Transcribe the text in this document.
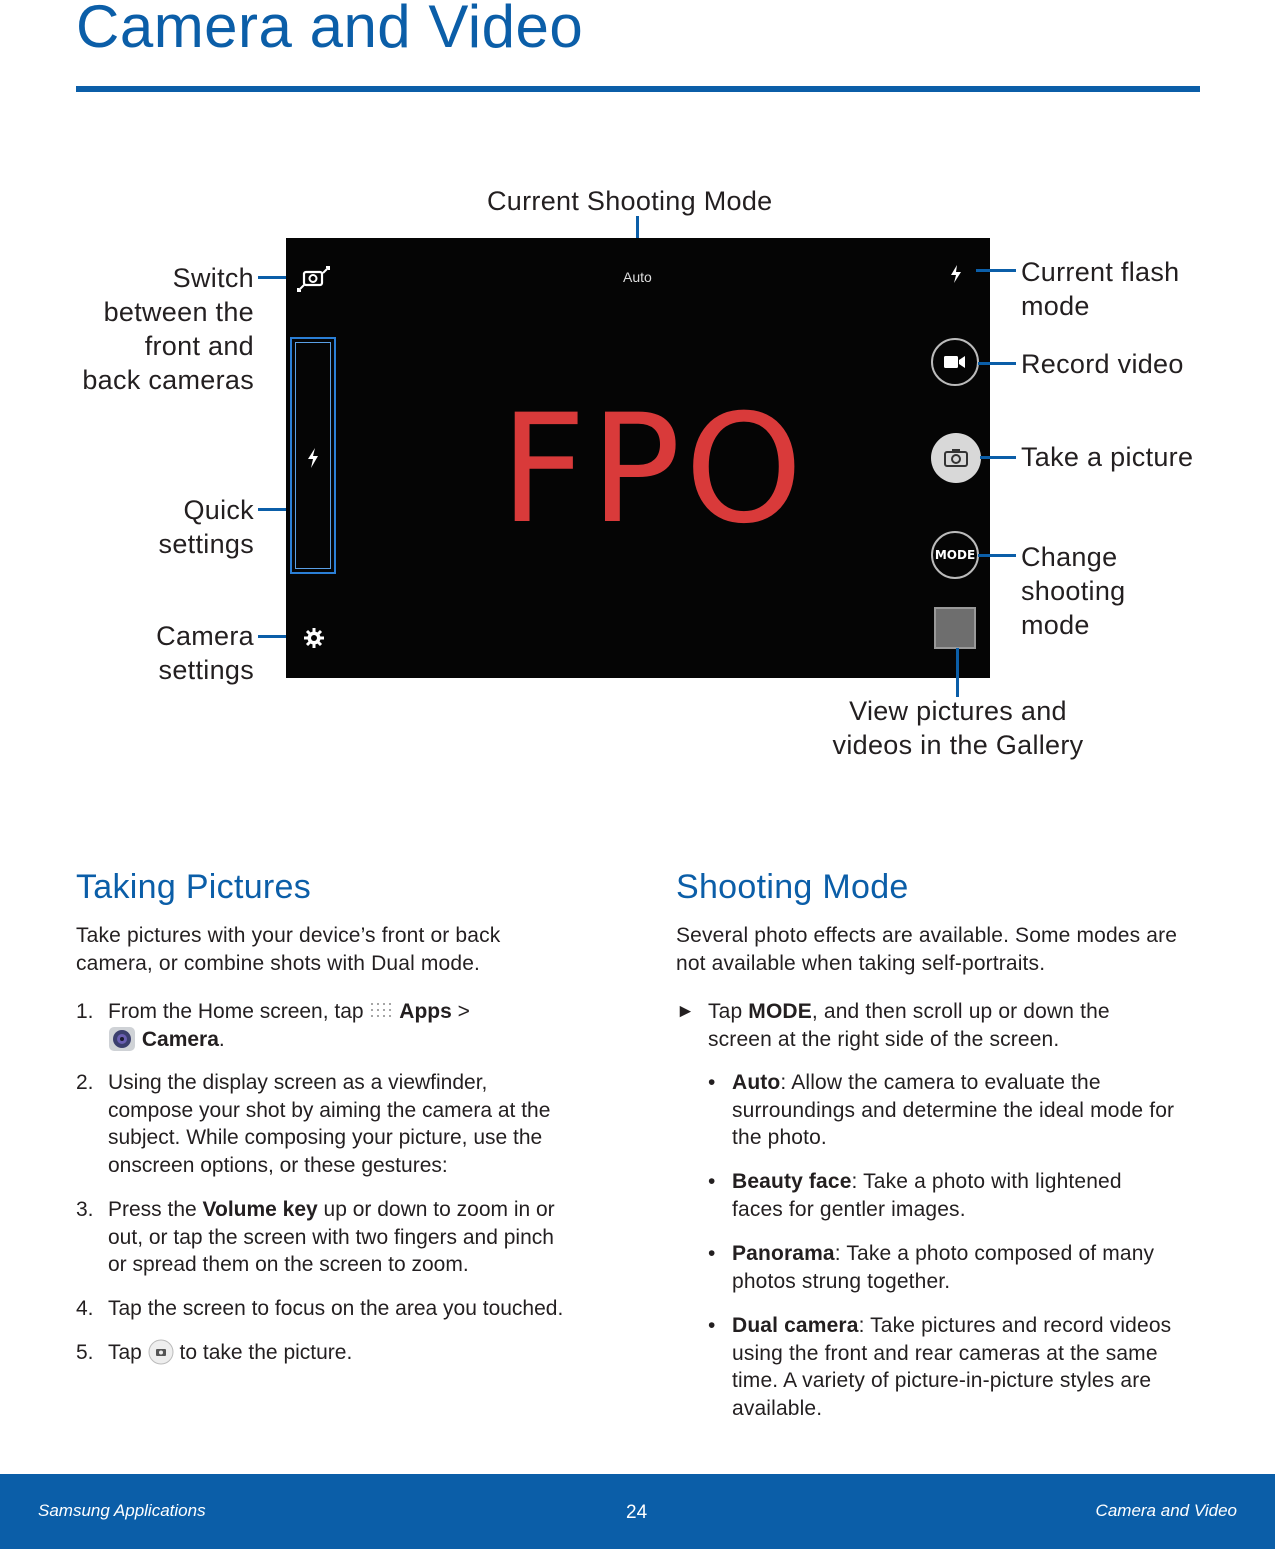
Camera and Video
Current Shooting Mode
Switch
between the
front and
back cameras
Quick
settings
Camera
settings
Auto
FPO	MODE
Current flash
mode
Record video
Take a picture
Change
shooting
mode
View pictures and
videos in the Gallery
Taking Pictures
Take pictures with your device’s front or back
camera, or combine shots with Dual mode.
1. From the Home screen, tap  Apps >
Camera.
2. Using the display screen as a viewfinder,
compose your shot by aiming the camera at the
subject. While composing your picture, use the
onscreen options, or these gestures:
3. Press the Volume key up or down to zoom in or
out, or tap the screen with two fingers and pinch
or spread them on the screen to zoom.
4. Tap the screen to focus on the area you touched.
5. Tap  to take the picture.
Shooting Mode
Several photo effects are available. Some modes are
not available when taking self-portraits.
► Tap MODE, and then scroll up or down the
screen at the right side of the screen.
• Auto: Allow the camera to evaluate the
surroundings and determine the ideal mode for
the photo.
• Beauty face: Take a photo with lightened
faces for gentler images.
• Panorama: Take a photo composed of many
photos strung together.
• Dual camera: Take pictures and record videos
using the front and rear cameras at the same
time. A variety of picture-in-picture styles are
available.
Samsung Applications	24	Camera and Video
